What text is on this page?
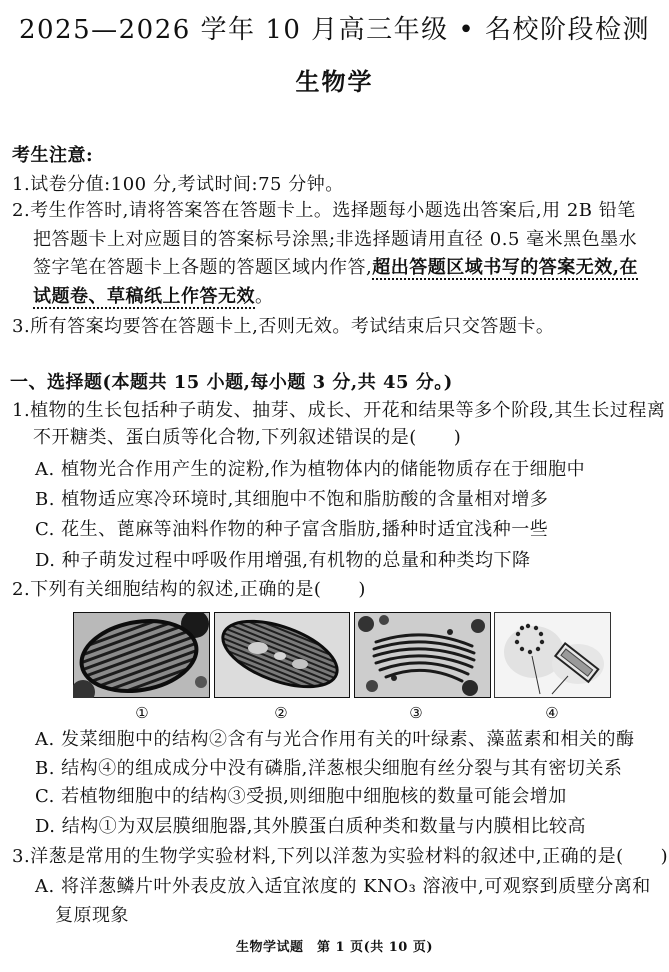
2025—2026 学年 10 月高三年级 • 名校阶段检测
生物学
考生注意:
1.试卷分值:100 分,考试时间:75 分钟。
2.考生作答时,请将答案答在答题卡上。选择题每小题选出答案后,用 2B 铅笔
把答题卡上对应题目的答案标号涂黑;非选择题请用直径 0.5 毫米黑色墨水
签字笔在答题卡上各题的答题区域内作答,超出答题区域书写的答案无效,在
试题卷、草稿纸上作答无效。
3.所有答案均要答在答题卡上,否则无效。考试结束后只交答题卡。
一、选择题(本题共 15 小题,每小题 3 分,共 45 分。)
1.植物的生长包括种子萌发、抽芽、成长、开花和结果等多个阶段,其生长过程离
不开糖类、蛋白质等化合物,下列叙述错误的是(　　)
A. 植物光合作用产生的淀粉,作为植物体内的储能物质存在于细胞中
B. 植物适应寒冷环境时,其细胞中不饱和脂肪酸的含量相对增多
C. 花生、蓖麻等油料作物的种子富含脂肪,播种时适宜浅种一些
D. 种子萌发过程中呼吸作用增强,有机物的总量和种类均下降
2.下列有关细胞结构的叙述,正确的是(　　)
①	②	③	④
A. 发菜细胞中的结构②含有与光合作用有关的叶绿素、藻蓝素和相关的酶
B. 结构④的组成成分中没有磷脂,洋葱根尖细胞有丝分裂与其有密切关系
C. 若植物细胞中的结构③受损,则细胞中细胞核的数量可能会增加
D. 结构①为双层膜细胞器,其外膜蛋白质种类和数量与内膜相比较高
3.洋葱是常用的生物学实验材料,下列以洋葱为实验材料的叙述中,正确的是(　　)
A. 将洋葱鳞片叶外表皮放入适宜浓度的 KNO₃ 溶液中,可观察到质壁分离和
复原现象
生物学试题　第 1 页(共 10 页)
